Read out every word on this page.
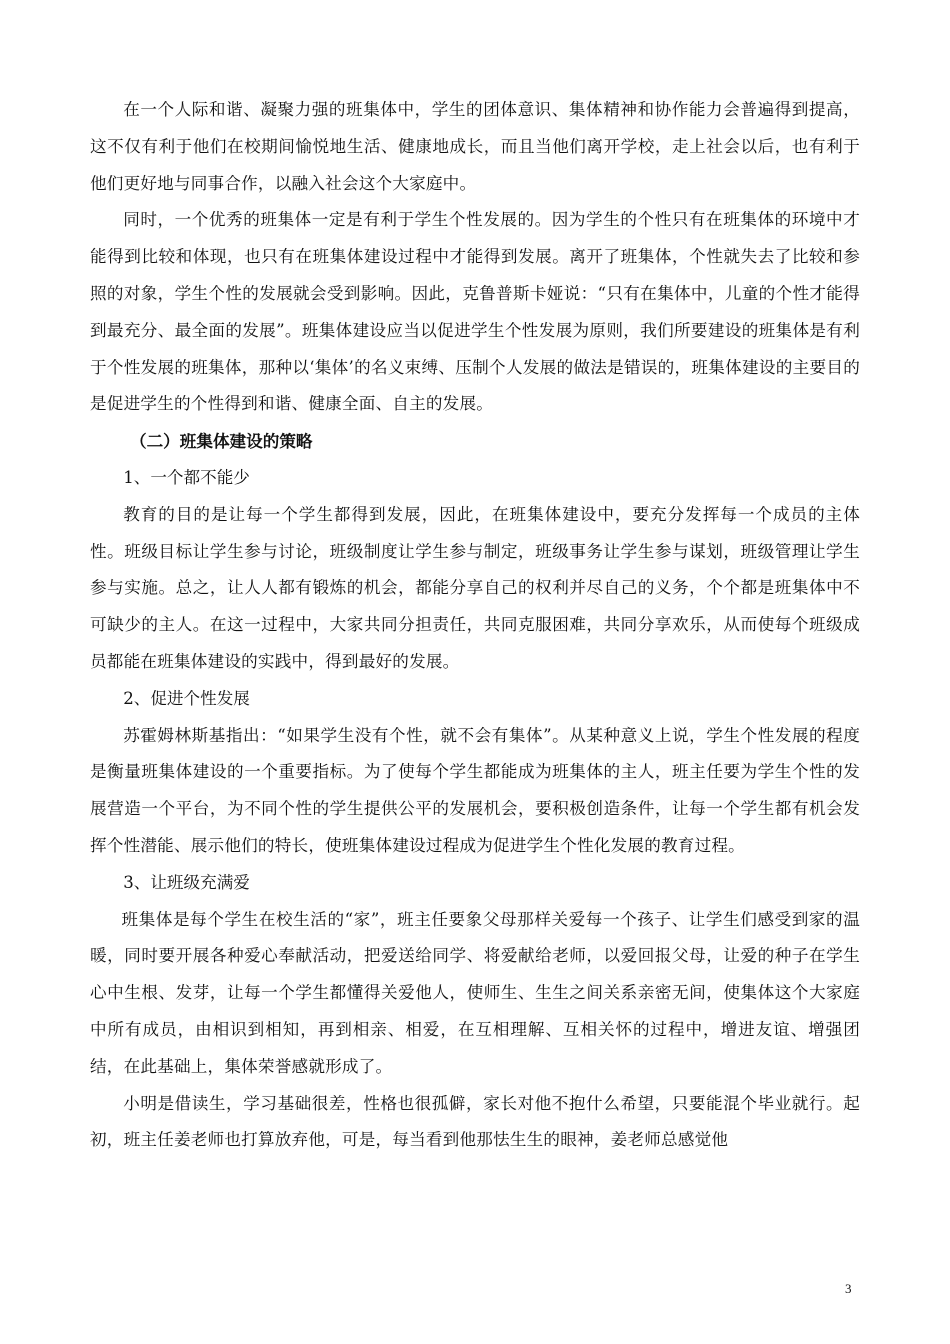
在一个人际和谐、凝聚力强的班集体中，学生的团体意识、集体精神和协作能力会普遍得到提高，这不仅有利于他们在校期间愉悦地生活、健康地成长，而且当他们离开学校，走上社会以后，也有利于他们更好地与同事合作，以融入社会这个大家庭中。

同时，一个优秀的班集体一定是有利于学生个性发展的。因为学生的个性只有在班集体的环境中才能得到比较和体现，也只有在班集体建设过程中才能得到发展。离开了班集体，个性就失去了比较和参照的对象，学生个性的发展就会受到影响。因此，克鲁普斯卡娅说：“只有在集体中，儿童的个性才能得到最充分、最全面的发展”。班集体建设应当以促进学生个性发展为原则，我们所要建设的班集体是有利于个性发展的班集体，那种以‘集体’的名义束缚、压制个人发展的做法是错误的，班集体建设的主要目的是促进学生的个性得到和谐、健康全面、自主的发展。

（二）班集体建设的策略

1、一个都不能少

教育的目的是让每一个学生都得到发展，因此，在班集体建设中，要充分发挥每一个成员的主体性。班级目标让学生参与讨论，班级制度让学生参与制定，班级事务让学生参与谋划，班级管理让学生参与实施。总之，让人人都有锻炼的机会，都能分享自己的权利并尽自己的义务，个个都是班集体中不可缺少的主人。在这一过程中，大家共同分担责任，共同克服困难，共同分享欢乐，从而使每个班级成员都能在班集体建设的实践中，得到最好的发展。

2、促进个性发展

苏霍姆林斯基指出：“如果学生没有个性，就不会有集体”。从某种意义上说，学生个性发展的程度是衡量班集体建设的一个重要指标。为了使每个学生都能成为班集体的主人，班主任要为学生个性的发展营造一个平台，为不同个性的学生提供公平的发展机会，要积极创造条件，让每一个学生都有机会发挥个性潜能、展示他们的特长，使班集体建设过程成为促进学生个性化发展的教育过程。

3、让班级充满爱

班集体是每个学生在校生活的“家”，班主任要象父母那样关爱每一个孩子、让学生们感受到家的温暖，同时要开展各种爱心奉献活动，把爱送给同学、将爱献给老师，以爱回报父母，让爱的种子在学生心中生根、发芽，让每一个学生都懂得关爱他人，使师生、生生之间关系亲密无间，使集体这个大家庭中所有成员，由相识到相知，再到相亲、相爱，在互相理解、互相关怀的过程中，增进友谊、增强团结，在此基础上，集体荣誉感就形成了。

小明是借读生，学习基础很差，性格也很孤僻，家长对他不抱什么希望，只要能混个毕业就行。起初，班主任姜老师也打算放弃他，可是，每当看到他那怯生生的眼神，姜老师总感觉他

3
